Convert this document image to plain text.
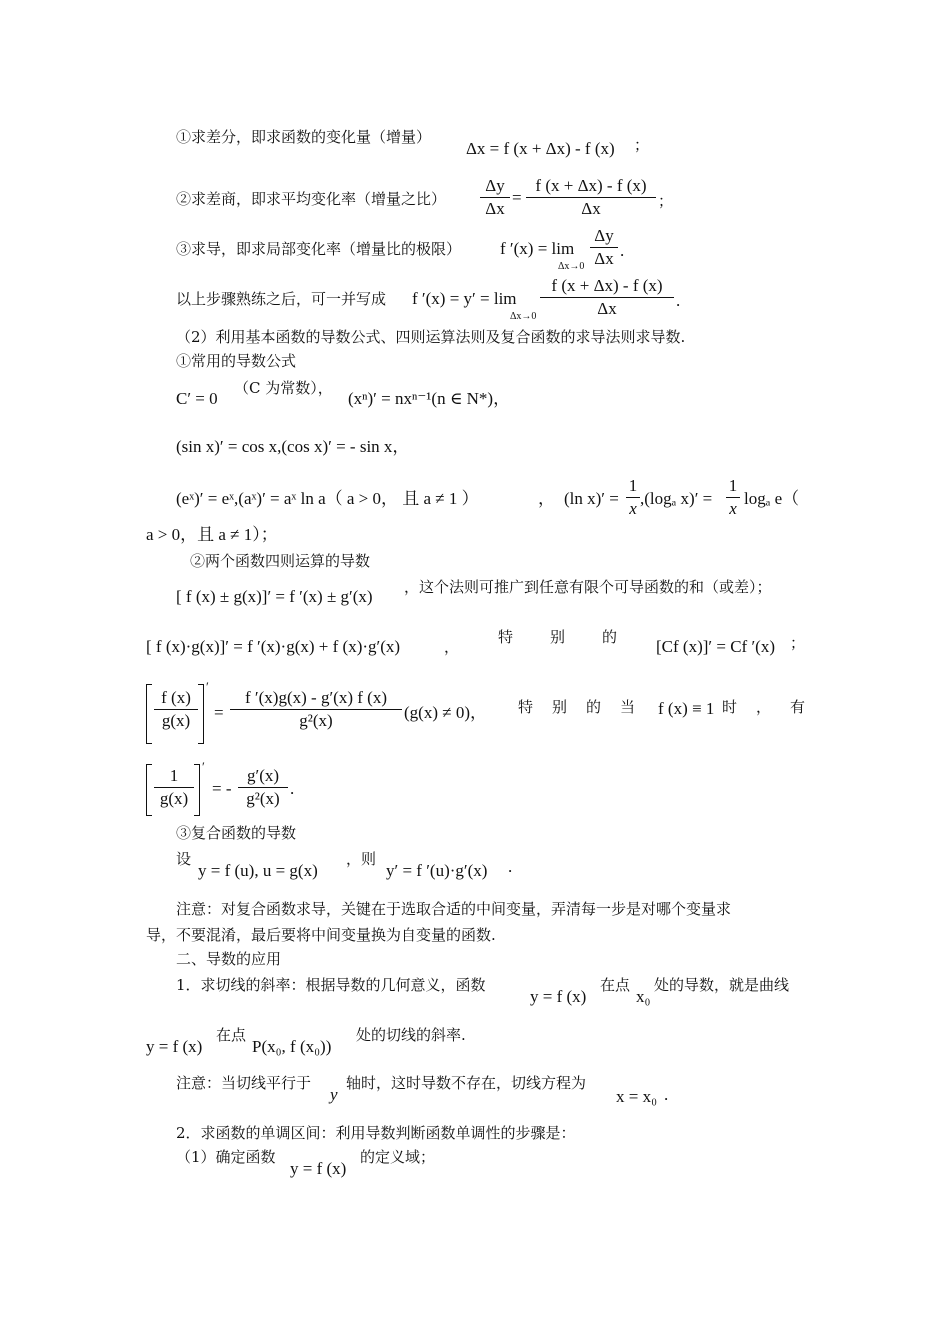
①求差分，即求函数的变化量（增量）
Δx = f (x + Δx) - f (x) ；
②求差商，即求平均变化率（增量之比） $\frac{\Delta y}{\Delta x} = \frac{f (x + \Delta x) - f (x)}{\Delta x}$ ；
③求导，即求局部变化率（增量比的极限） f ′(x) = lim
$\Delta x\to 0 \frac{\Delta y}{\Delta x}$ .
以上步骤熟练之后，可一并写成 f ′(x) = y′ = lim
$\Delta x\to 0 \frac{f (x + \Delta x) - f (x)}{\Delta x}$ .
（2）利用基本函数的导数公式、四则运算法则及复合函数的求导法则求导数.
①常用的导数公式
C′ = 0
（C 为常数），
(xⁿ)′ = nxⁿ⁻¹(n ∈ N*)，
(sin x)′ = cos x,(cos x)′ = - sin x，
(eˣ)′ = eˣ,(aˣ)′ = aˣ ln a（ a > 0， 且 a ≠ 1 ）	， (ln $x)' = \frac{1}{x} ,(\log_a$ $x)' = \frac{1}{x}$ logₐ e（
a > 0，且 a ≠ 1）；
②两个函数四则运算的导数
[ f (x) ± g(x)]′ = f ′(x) ± g′(x) ，这个法则可推广到任意有限个可导函数的和（或差）；
[ f (x)·g(x)]′ = f ′(x)·g(x) + f (x)·g′(x)	，
特 别 的 [Cf (x)]′ = Cf ′(x) ；
$\frac{f (x)}{g(x)}$
′
= $\frac{f '(x)g(x) - g'(x) f (x)}{\text{g²(x)}} (g(x) \ne 0)$， 特 别 的 当 f (x) ≡ 1 时 ， 有
$\frac{1}{g(x)}$ ′
= - $\frac{g'(x)}{\text{g²(x)}}$ .
③复合函数的导数
设
y = f (u), u = g(x)
，则
y′ = f ′(u)·g′(x) .
注意：对复合函数求导，关键在于选取合适的中间变量，弄清每一步是对哪个变量求
导，不要混淆，最后要将中间变量换为自变量的函数.
二、导数的应用
1．求切线的斜率：根据导数的几何意义，函数
y = f (x)
在点
x₀
处的导数，就是曲线
y = f (x)
在点
P(x₀, f (x₀))
处的切线的斜率.
注意：当切线平行于
y
轴时，这时导数不存在，切线方程为
x = x₀ .
2．求函数的单调区间：利用导数判断函数单调性的步骤是：
（1）确定函数
y = f (x)
的定义域；
